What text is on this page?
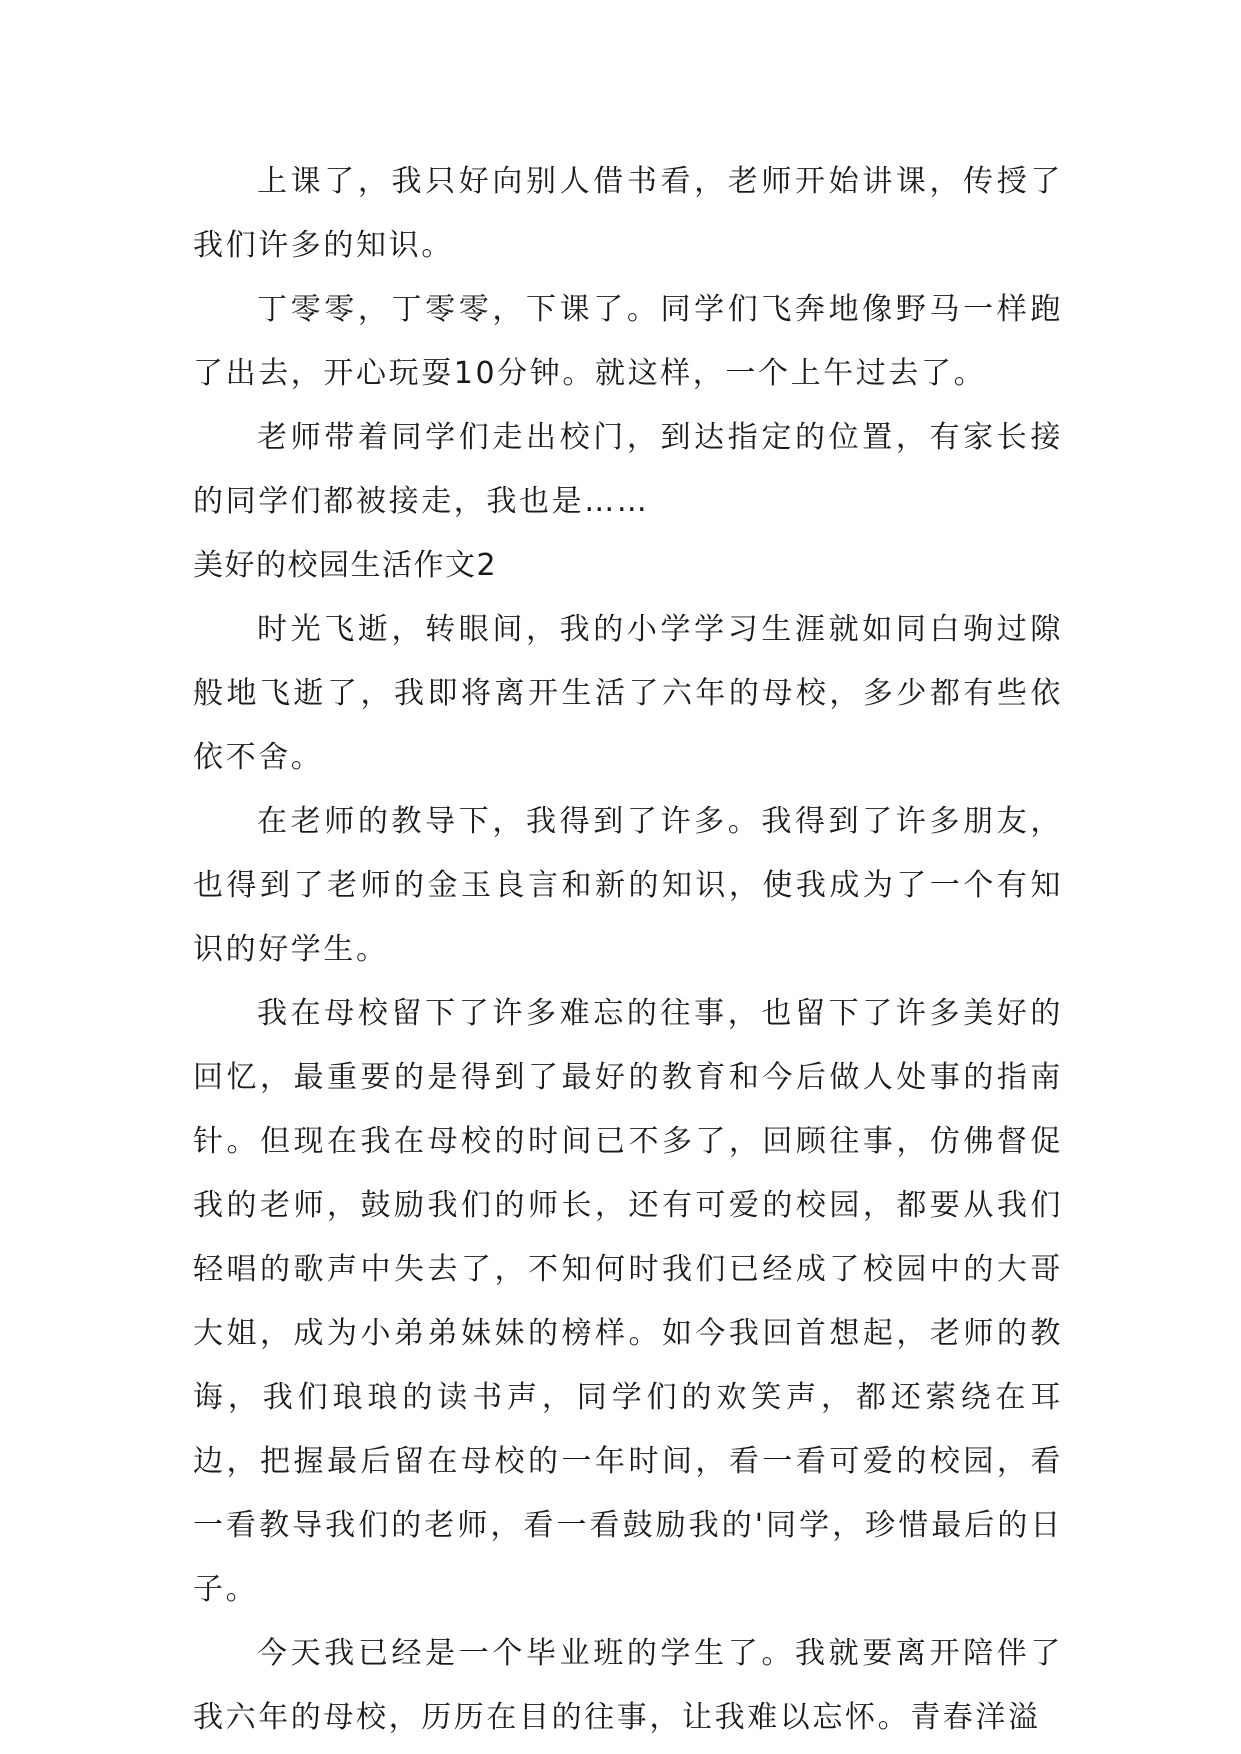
上课了，我只好向别人借书看，老师开始讲课，传授了我们许多的知识。

丁零零，丁零零，下课了。同学们飞奔地像野马一样跑了出去，开心玩耍10分钟。就这样，一个上午过去了。

老师带着同学们走出校门，到达指定的位置，有家长接的同学们都被接走，我也是……

美好的校园生活作文2

时光飞逝，转眼间，我的小学学习生涯就如同白驹过隙般地飞逝了，我即将离开生活了六年的母校，多少都有些依依不舍。

在老师的教导下，我得到了许多。我得到了许多朋友，也得到了老师的金玉良言和新的知识，使我成为了一个有知识的好学生。

我在母校留下了许多难忘的往事，也留下了许多美好的回忆，最重要的是得到了最好的教育和今后做人处事的指南针。但现在我在母校的时间已不多了，回顾往事，仿佛督促我的老师，鼓励我们的师长，还有可爱的校园，都要从我们轻唱的歌声中失去了，不知何时我们已经成了校园中的大哥大姐，成为小弟弟妹妹的榜样。如今我回首想起，老师的教诲，我们琅琅的读书声，同学们的欢笑声，都还萦绕在耳边，把握最后留在母校的一年时间，看一看可爱的校园，看一看教导我们的老师，看一看鼓励我的'同学，珍惜最后的日子。

今天我已经是一个毕业班的学生了。我就要离开陪伴了我六年的母校，历历在目的往事，让我难以忘怀。青春洋溢
